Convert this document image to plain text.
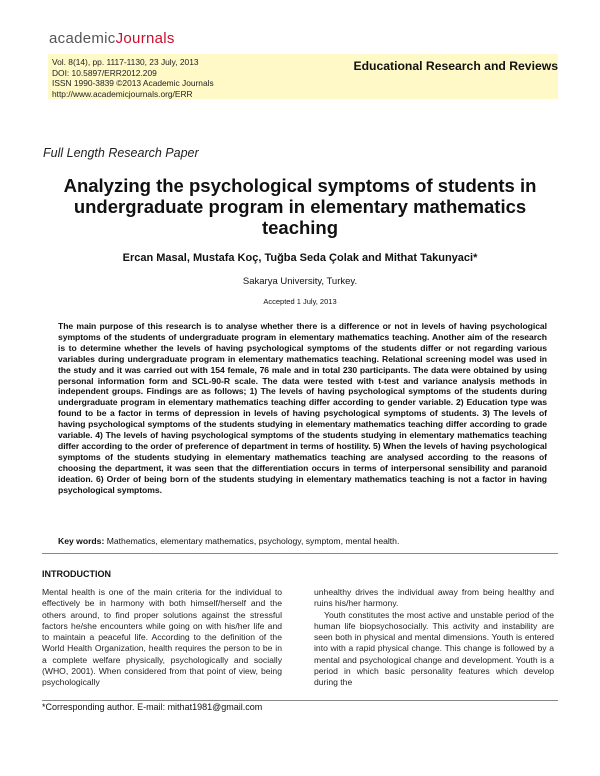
academicJournals
Vol. 8(14), pp. 1117-1130, 23 July, 2013
DOI: 10.5897/ERR2012.209
ISSN 1990-3839 ©2013 Academic Journals
http://www.academicjournals.org/ERR
Educational Research and Reviews
Full Length Research Paper
Analyzing the psychological symptoms of students in undergraduate program in elementary mathematics teaching
Ercan Masal, Mustafa Koç, Tuğba Seda Çolak and Mithat Takunyaci*
Sakarya University, Turkey.
Accepted 1 July, 2013
The main purpose of this research is to analyse whether there is a difference or not in levels of having psychological symptoms of the students of undergraduate program in elementary mathematics teaching. Another aim of the research is to determine whether the levels of having psychological symptoms of the students differ or not regarding various variables during undergraduate program in elementary mathematics teaching. Relational screening model was used in the study and it was carried out with 154 female, 76 male and in total 230 participants. The data were obtained by using personal information form and SCL-90-R scale. The data were tested with t-test and variance analysis methods in independent groups. Findings are as follows; 1) The levels of having psychological symptoms of the students during undergraduate program in elementary mathematics teaching differ according to gender variable. 2) Education type was found to be a factor in terms of depression in levels of having psychological symptoms of students. 3) The levels of having psychological symptoms of the students studying in elementary mathematics teaching differ according to grade variable. 4) The levels of having psychological symptoms of the students studying in elementary mathematics teaching differ according to the order of preference of department in terms of hostility. 5) When the levels of having psychological symptoms of the students studying in elementary mathematics teaching are analysed according to the reasons of choosing the department, it was seen that the differentiation occurs in terms of interpersonal sensibility and paranoid ideation. 6) Order of being born of the students studying in elementary mathematics teaching is not a factor in having psychological symptoms.
Key words: Mathematics, elementary mathematics, psychology, symptom, mental health.
INTRODUCTION

Mental health is one of the main criteria for the individual to effectively be in harmony with both himself/herself and the others around, to find proper solutions against the stressful factors he/she encounters while going on with his/her life and to maintain a peaceful life. According to the definition of the World Health Organization, health requires the person to be in a complete welfare physically, psychologically and socially (WHO, 2001). When considered from that point of view, being psychologically

unhealthy drives the individual away from being healthy and ruins his/her harmony.

Youth constitutes the most active and unstable period of the human life biopsychosocially. This activity and instability are seen both in physical and mental dimensions. Youth is entered into with a rapid physical change. This change is followed by a mental and psychological change and development. Youth is a period in which basic personality features which develop during the

*Corresponding author. E-mail: mithat1981@gmail.com
